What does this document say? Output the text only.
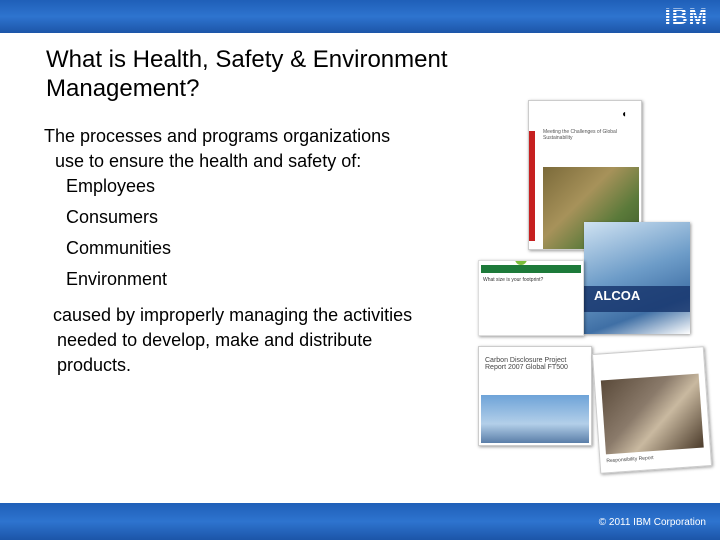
IBM
What is Health, Safety & Environment Management?
The processes and programs organizations
use to ensure the health and safety of:
Employees
Consumers
Communities
Environment
caused by improperly managing the activities
needed to develop, make and distribute
products.
◖
Meeting the Challenges of Global Sustainability
ALCOA
What size is your footprint?
Carbon Disclosure Project Report 2007 Global FT500
Responsibility Report
© 2011 IBM Corporation
